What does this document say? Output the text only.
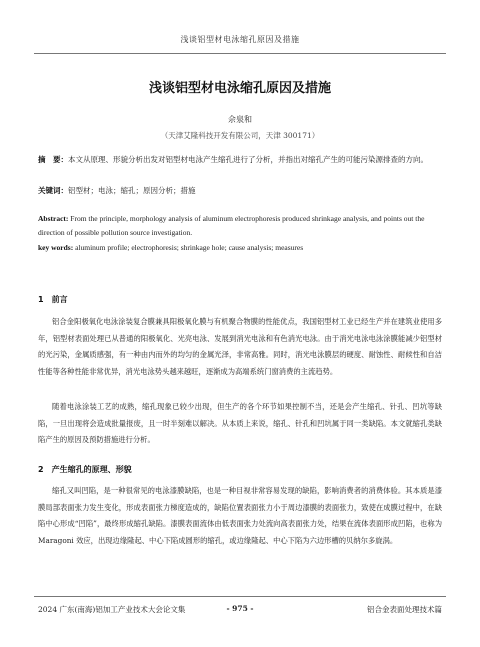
浅谈铝型材电泳缩孔原因及措施
浅谈铝型材电泳缩孔原因及措施
佘泉和
（天津艾隆科技开发有限公司，天津 300171）
摘　要：本文从原理、形貌分析出发对铝型材电泳产生缩孔进行了分析，并指出对缩孔产生的可能污染源排查的方向。
关键词：铝型材；电泳；缩孔；原因分析；措施
Abstract: From the principle, morphology analysis of aluminum electrophoresis produced shrinkage analysis, and points out the direction of possible pollution source investigation.
key words: aluminum profile; electrophoresis; shrinkage hole; cause analysis; measures
1　前言
铝合金阳极氧化电泳涂装复合膜兼具阳极氧化膜与有机聚合物膜的性能优点，我国铝型材工业已经生产并在建筑业使用多年，铝型材表面处理已从普通的阳极氧化、光亮电泳、发展到消光电泳和有色消光电泳。由于消光电泳电泳涂膜能减少铝型材的光污染，金属质感强，有一种由内而外的均匀的金属光泽，非常高雅。同时，消光电泳膜层的硬度、耐蚀性、耐候性和自洁性能等各种性能非常优异，消光电泳势头越来越旺，逐渐成为高端系统门窗消费的主流趋势。
随着电泳涂装工艺的成熟，缩孔现象已较少出现，但生产的各个环节如果控制不当，还是会产生缩孔、针孔、凹坑等缺陷，一旦出现将会造成批量报废，且一时半刻难以解决。从本质上来说，缩孔、针孔和凹坑属于同一类缺陷。本文就缩孔类缺陷产生的原因及预防措施进行分析。
2　产生缩孔的原理、形貌
缩孔又叫凹陷，是一种很常见的电泳漆膜缺陷，也是一种目视非常容易发现的缺陷，影响消费者的消费体验。其本质是漆膜局部表面张力发生变化，形成表面张力梯度造成的，缺陷位置表面张力小于周边漆膜的表面张力，致使在成膜过程中，在缺陷中心形成“凹陷”，最终形成缩孔缺陷。漆膜表面流体由低表面张力处流向高表面张力处，结果在流体表面形成凹陷，也称为 Maragoni 效应，出现边缘隆起、中心下陷成圆形的缩孔，或边缘隆起、中心下陷为六边形槽的贝纳尔多旋涡。
2024 广东(南海)铝加工产业技术大会论文集	- 975 -	铝合金表面处理技术篇
